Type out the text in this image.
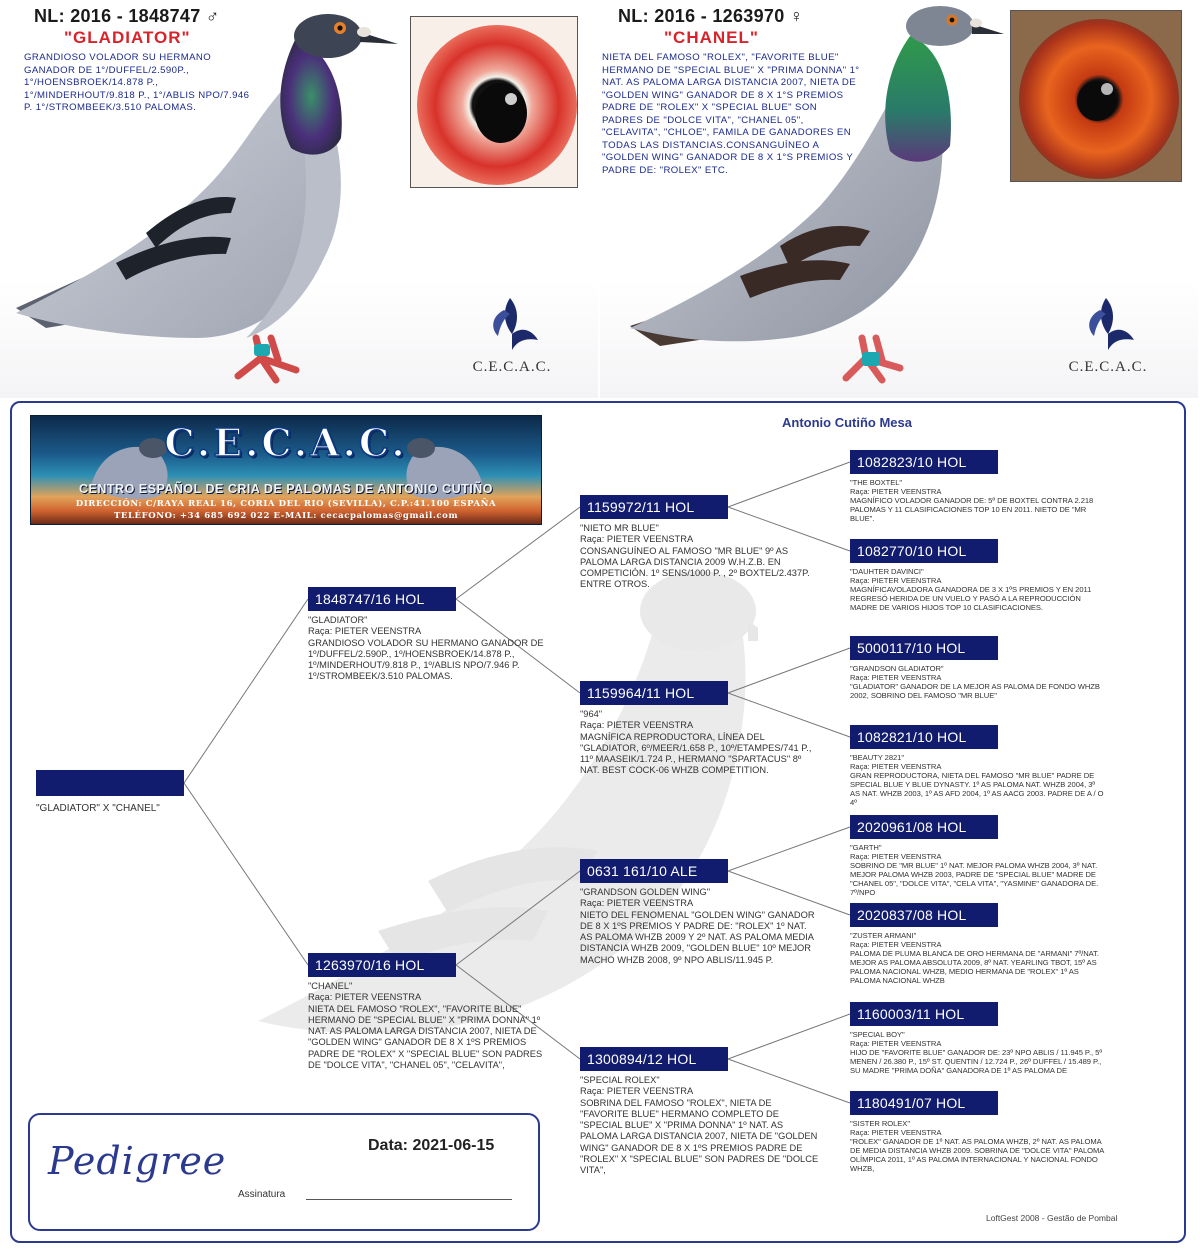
NL: 2016 - 1848747 ♂
"GLADIATOR"
GRANDIOSO VOLADOR SU HERMANO GANADOR DE 1°/DUFFEL/2.590P., 1°/HOENSBROEK/14.878 P., 1°/MINDERHOUT/9.818 P., 1°/ABLIS NPO/7.946 P. 1°/STROMBEEK/3.510 PALOMAS.
C.E.C.A.C.
NL: 2016 - 1263970 ♀
"CHANEL"
NIETA DEL FAMOSO "ROLEX", "FAVORITE BLUE" HERMANO DE "SPECIAL BLUE" X "PRIMA DONNA" 1° NAT. AS PALOMA LARGA DISTANCIA 2007, NIETA DE "GOLDEN WING" GANADOR DE 8 X 1°S PREMIOS PADRE DE "ROLEX" X "SPECIAL BLUE" SON PADRES DE "DOLCE VITA", "CHANEL 05", "CELAVITA", "CHLOE", FAMILA DE GANADORES EN TODAS LAS DISTANCIAS.CONSANGUÍNEO A "GOLDEN WING" GANADOR DE 8 X 1°S PREMIOS Y PADRE DE: "ROLEX" ETC.
C.E.C.A.C.
C.E.C.A.C.
CENTRO ESPAÑOL DE CRIA DE PALOMAS DE ANTONIO CUTIÑO
DIRECCIÓN: C/RAYA REAL 16, CORIA DEL RIO (SEVILLA), C.P.:41.100 ESPAÑA
TELÉFONO: +34 685 692 022 E-MAIL: cecacpalomas@gmail.com
Antonio Cutiño Mesa
"GLADIATOR" X "CHANEL"
1848747/16 HOL
"GLADIATOR"
Raça: PIETER VEENSTRA
GRANDIOSO VOLADOR SU HERMANO GANADOR DE 1º/DUFFEL/2.590P., 1º/HOENSBROEK/14.878 P., 1º/MINDERHOUT/9.818 P., 1º/ABLIS NPO/7.946 P. 1º/STROMBEEK/3.510 PALOMAS.
1263970/16 HOL
"CHANEL"
Raça: PIETER VEENSTRA
NIETA DEL FAMOSO "ROLEX", "FAVORITE BLUE" HERMANO DE "SPECIAL BLUE" X "PRIMA DONNA" 1º NAT. AS PALOMA LARGA DISTANCIA 2007, NIETA DE "GOLDEN WING" GANADOR DE 8 X 1ºS PREMIOS PADRE DE "ROLEX" X "SPECIAL BLUE" SON PADRES DE "DOLCE VITA", "CHANEL 05", "CELAVITA",
1159972/11 HOL
"NIETO MR BLUE"
Raça: PIETER VEENSTRA
CONSANGUÍNEO AL FAMOSO "MR BLUE" 9º AS PALOMA LARGA DISTANCIA 2009 W.H.Z.B. EN COMPETICIÓN. 1º SENS/1000 P. , 2º BOXTEL/2.437P. ENTRE OTROS.
1159964/11 HOL
"964"
Raça: PIETER VEENSTRA
MAGNÍFICA REPRODUCTORA, LÍNEA DEL "GLADIATOR, 6º/MEER/1.658 P., 10º/ETAMPES/741 P., 11º MAASEIK/1.724 P., HERMANO "SPARTACUS" 8º NAT. BEST COCK-06 WHZB COMPETITION.
0631 161/10 ALE
"GRANDSON GOLDEN WING"
Raça: PIETER VEENSTRA
NIETO DEL FENOMENAL "GOLDEN WING" GANADOR DE 8 X 1ºS PREMIOS Y PADRE DE: "ROLEX" 1º NAT. AS PALOMA WHZB 2009 Y 2º NAT. AS PALOMA MEDIA DISTANCIA WHZB 2009, "GOLDEN BLUE" 10º MEJOR MACHO WHZB 2008, 9º NPO ABLIS/11.945 P.
1300894/12 HOL
"SPECIAL ROLEX"
Raça: PIETER VEENSTRA
SOBRINA DEL FAMOSO "ROLEX", NIETA DE "FAVORITE BLUE" HERMANO COMPLETO DE "SPECIAL BLUE" X "PRIMA DONNA" 1º NAT. AS PALOMA LARGA DISTANCIA 2007, NIETA DE "GOLDEN WING" GANADOR DE 8 X 1ºS PREMIOS PADRE DE "ROLEX" X "SPECIAL BLUE" SON PADRES DE "DOLCE VITA",
1082823/10 HOL
"THE BOXTEL"
Raça: PIETER VEENSTRA
MAGNÍFICO VOLADOR GANADOR DE: 5º DE BOXTEL CONTRA 2.218 PALOMAS Y 11 CLASIFICACIONES TOP 10 EN 2011. NIETO DE "MR BLUE".
1082770/10 HOL
"DAUHTER DAVINCI"
Raça: PIETER VEENSTRA
MAGNÍFICAVOLADORA GANADORA DE 3 X 1ºS PREMIOS Y EN 2011 REGRESÓ HERIDA DE UN VUELO Y PASÓ A LA REPRODUCCIÓN MADRE DE VARIOS HIJOS TOP 10 CLASIFICACIONES.
5000117/10 HOL
"GRANDSON GLADIATOR"
Raça: PIETER VEENSTRA
"GLADIATOR" GANADOR DE LA MEJOR AS PALOMA DE FONDO WHZB 2002, SOBRINO DEL FAMOSO "MR BLUE"
1082821/10 HOL
"BEAUTY 2821"
Raça: PIETER VEENSTRA
GRAN REPRODUCTORA, NIETA DEL FAMOSO "MR BLUE" PADRE DE SPECIAL BLUE Y BLUE DYNASTY. 1º AS PALOMA NAT. WHZB 2004, 3º AS NAT. WHZB 2003, 1º AS AFD 2004, 1º AS AACG 2003. PADRE DE A / O 4º
2020961/08 HOL
"GARTH"
Raça: PIETER VEENSTRA
SOBRINO DE "MR BLUE" 1º NAT. MEJOR PALOMA WHZB 2004, 3º NAT. MEJOR PALOMA WHZB 2003, PADRE DE "SPECIAL BLUE" MADRE DE "CHANEL 05", "DOLCE VITA", "CELA VITA", "YASMINE" GANADORA DE. 7º/NPO
2020837/08 HOL
"ZUSTER ARMANI"
Raça: PIETER VEENSTRA
PALOMA DE PLUMA BLANCA DE ORO HERMANA DE "ARMANI" 7º/NAT. MEJOR AS PALOMA ABSOLUTA 2009, 8º NAT. YEARLING TBOT, 15º AS PALOMA NACIONAL WHZB, MEDIO HERMANA DE "ROLEX" 1º AS PALOMA NACIONAL WHZB
1160003/11 HOL
"SPECIAL BOY"
Raça: PIETER VEENSTRA
HIJO DE "FAVORITE BLUE" GANADOR DE: 23º NPO ABLIS / 11.945 P., 5º MENEN / 26.380 P., 15º ST. QUENTIN / 12.724 P., 26º DUFFEL / 15.489 P., SU MADRE "PRIMA DOÑA" GANADORA DE 1º AS PALOMA DE
1180491/07 HOL
"SISTER ROLEX"
Raça: PIETER VEENSTRA
"ROLEX" GANADOR DE 1º NAT. AS PALOMA WHZB, 2º NAT. AS PALOMA DE MEDIA DISTANCIA WHZB 2009. SOBRINA DE "DOLCE VITA" PALOMA OLÍMPICA 2011, 1º AS PALOMA INTERNACIONAL Y NACIONAL FONDO WHZB,
Pedigree	Data: 2021-06-15
Assinatura
LoftGest 2008 - Gestão de Pombal
